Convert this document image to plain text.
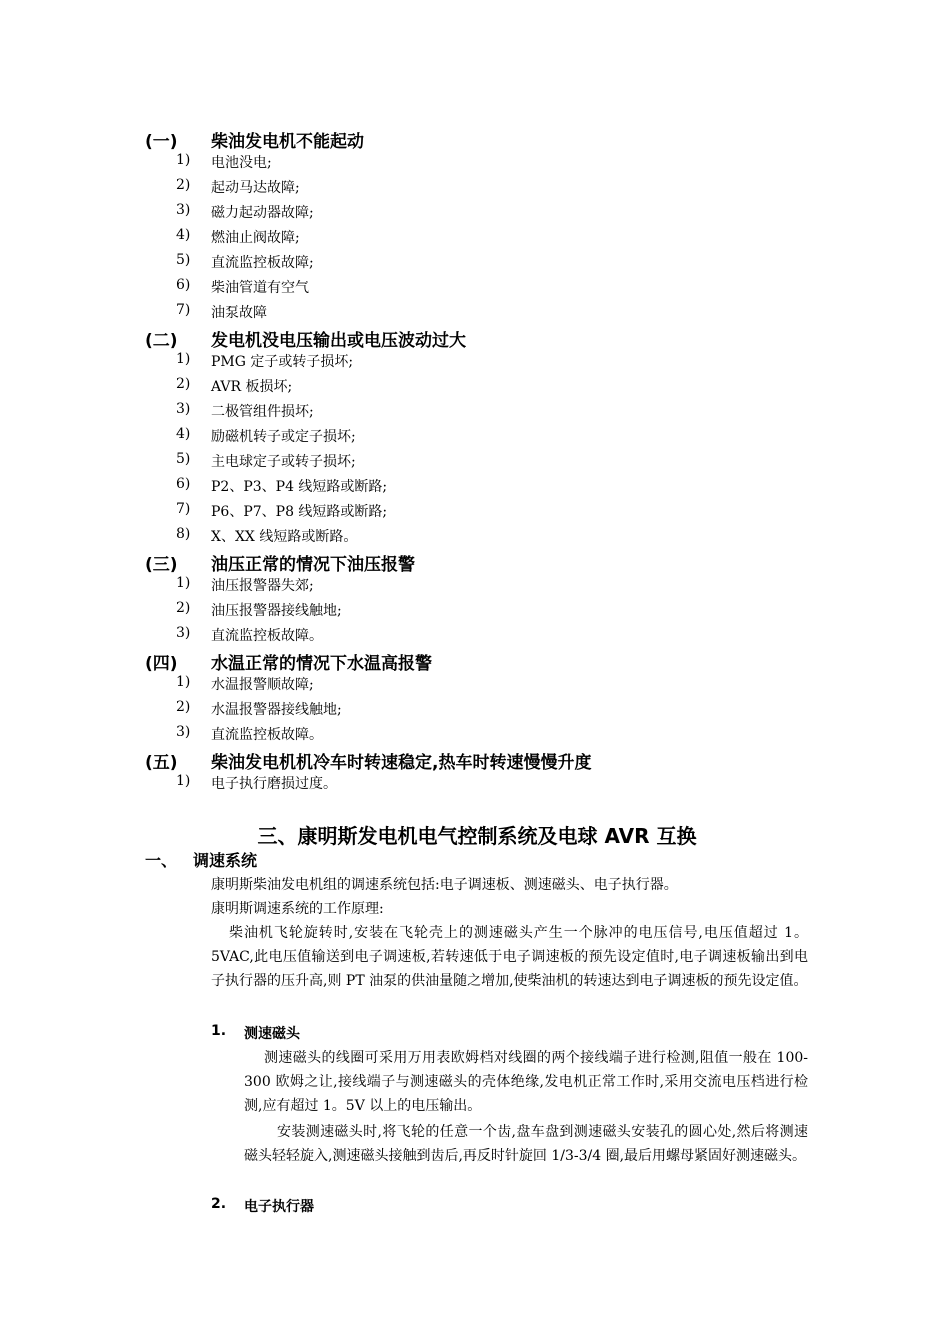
(一) 柴油发电机不能起动
1) 电池没电;
2) 起动马达故障;
3) 磁力起动器故障;
4) 燃油止阀故障;
5) 直流监控板故障;
6) 柴油管道有空气
7) 油泵故障
(二) 发电机没电压输出或电压波动过大
1) PMG 定子或转子损坏;
2) AVR 板损坏;
3) 二极管组件损坏;
4) 励磁机转子或定子损坏;
5) 主电球定子或转子损坏;
6) P2、P3、P4 线短路或断路;
7) P6、P7、P8 线短路或断路;
8) X、XX 线短路或断路。
(三) 油压正常的情况下油压报警
1) 油压报警器失郊;
2) 油压报警器接线触地;
3) 直流监控板故障。
(四) 水温正常的情况下水温高报警
1) 水温报警顺故障;
2) 水温报警器接线触地;
3) 直流监控板故障。
(五) 柴油发电机机冷车时转速稳定,热车时转速慢慢升度
1) 电子执行磨损过度。
三、康明斯发电机电气控制系统及电球 AVR 互换
一、 调速系统
康明斯柴油发电机组的调速系统包括:电子调速板、测速磁头、电子执行器。
康明斯调速系统的工作原理:
柴油机飞轮旋转时,安装在飞轮壳上的测速磁头产生一个脉冲的电压信号,电压值超过 1。5VAC,此电压值输送到电子调速板,若转速低于电子调速板的预先设定值时,电子调速板输出到电子执行器的压升高,则 PT 油泵的供油量随之增加,使柴油机的转速达到电子调速板的预先设定值。
1. 测速磁头
测速磁头的线圈可采用万用表欧姆档对线圈的两个接线端子进行检测,阻值一般在 100-300 欧姆之让,接线端子与测速磁头的壳体绝缘,发电机正常工作时,采用交流电压档进行检测,应有超过 1。5V 以上的电压输出。
安装测速磁头时,将飞轮的任意一个齿,盘车盘到测速磁头安装孔的圆心处,然后将测速磁头轻轻旋入,测速磁头接触到齿后,再反时针旋回 1/3-3/4 圈,最后用螺母紧固好测速磁头。
2. 电子执行器
